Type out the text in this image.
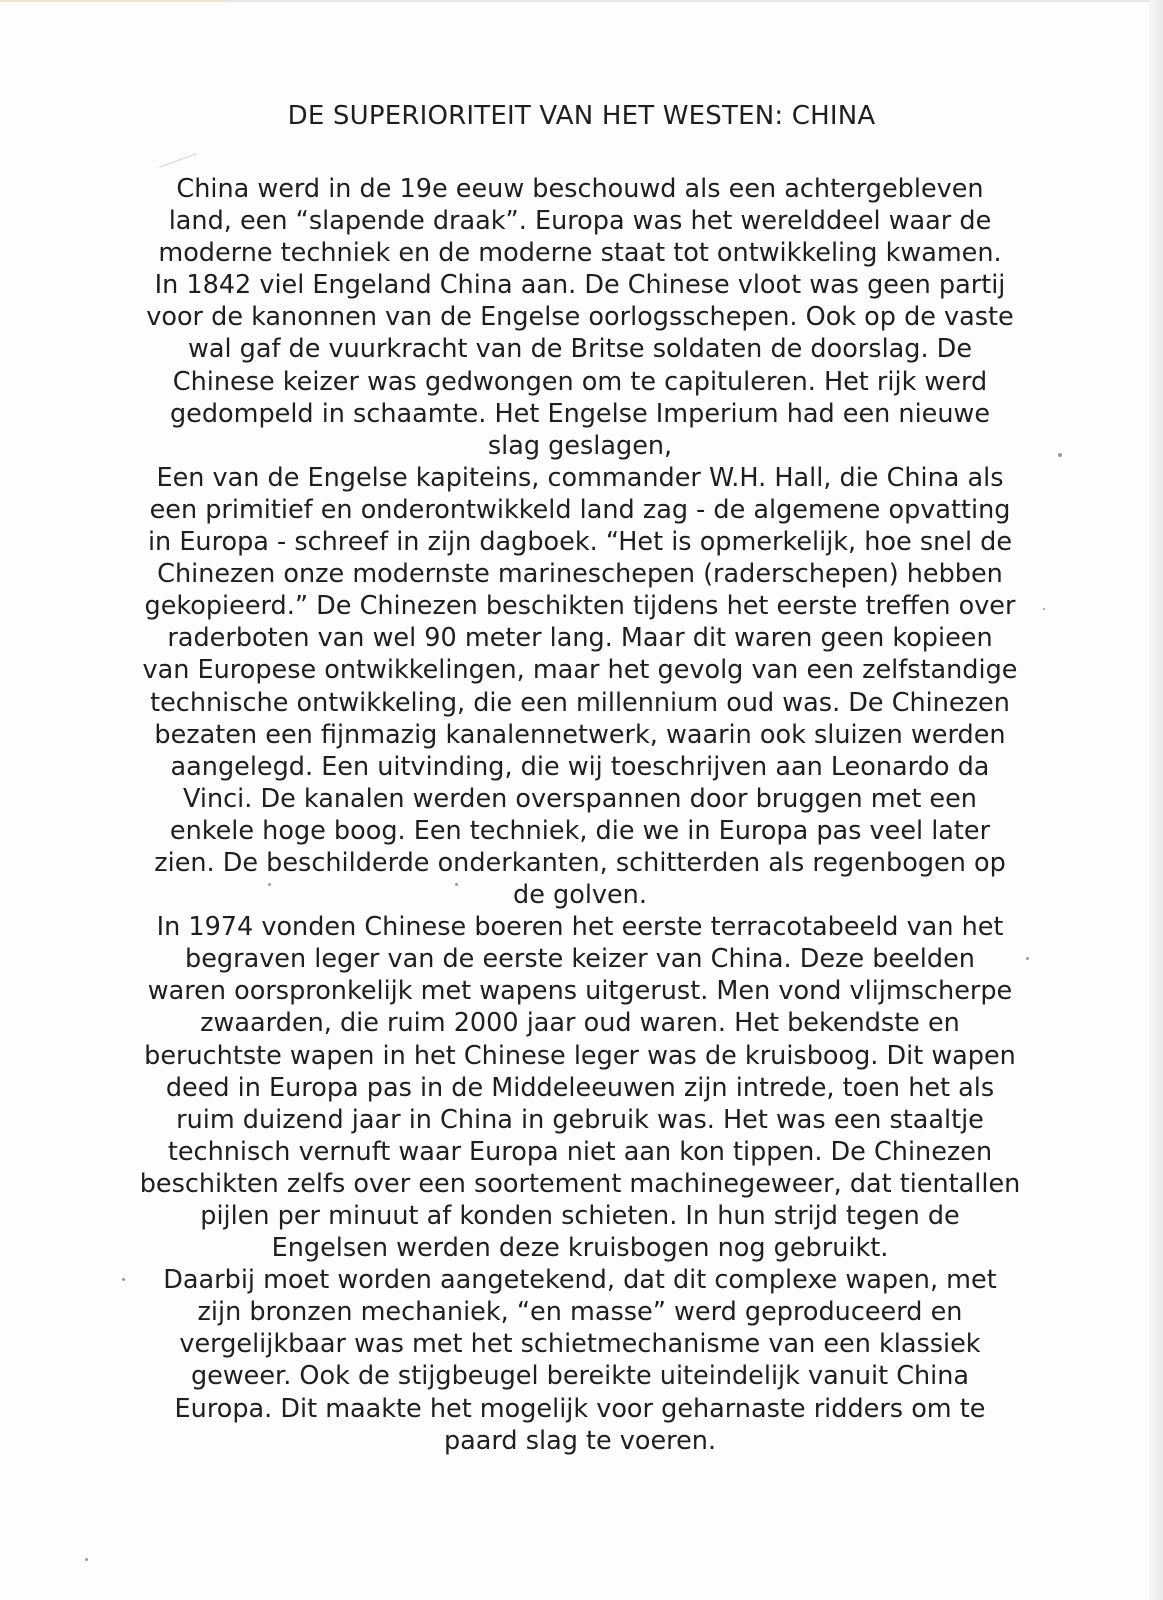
DE SUPERIORITEIT VAN HET WESTEN: CHINA
China werd in de 19e eeuw beschouwd als een achtergebleven
land, een “slapende draak”. Europa was het werelddeel waar de
moderne techniek en de moderne staat tot ontwikkeling kwamen.
In 1842 viel Engeland China aan. De Chinese vloot was geen partij
voor de kanonnen van de Engelse oorlogsschepen. Ook op de vaste
wal gaf de vuurkracht van de Britse soldaten de doorslag. De
Chinese keizer was gedwongen om te capituleren. Het rijk werd
gedompeld in schaamte. Het Engelse Imperium had een nieuwe
slag geslagen,
Een van de Engelse kapiteins, commander W.H. Hall, die China als
een primitief en onderontwikkeld land zag - de algemene opvatting
in Europa - schreef in zijn dagboek. “Het is opmerkelijk, hoe snel de
Chinezen onze modernste marineschepen (raderschepen) hebben
gekopieerd.” De Chinezen beschikten tijdens het eerste treffen over
raderboten van wel 90 meter lang. Maar dit waren geen kopieen
van Europese ontwikkelingen, maar het gevolg van een zelfstandige
technische ontwikkeling, die een millennium oud was. De Chinezen
bezaten een fijnmazig kanalennetwerk, waarin ook sluizen werden
aangelegd. Een uitvinding, die wij toeschrijven aan Leonardo da
Vinci. De kanalen werden overspannen door bruggen met een
enkele hoge boog. Een techniek, die we in Europa pas veel later
zien. De beschilderde onderkanten, schitterden als regenbogen op
de golven.
In 1974 vonden Chinese boeren het eerste terracotabeeld van het
begraven leger van de eerste keizer van China. Deze beelden
waren oorspronkelijk met wapens uitgerust. Men vond vlijmscherpe
zwaarden, die ruim 2000 jaar oud waren. Het bekendste en
beruchtste wapen in het Chinese leger was de kruisboog. Dit wapen
deed in Europa pas in de Middeleeuwen zijn intrede, toen het als
ruim duizend jaar in China in gebruik was. Het was een staaltje
technisch vernuft waar Europa niet aan kon tippen. De Chinezen
beschikten zelfs over een soortement machinegeweer, dat tientallen
pijlen per minuut af konden schieten. In hun strijd tegen de
Engelsen werden deze kruisbogen nog gebruikt.
Daarbij moet worden aangetekend, dat dit complexe wapen, met
zijn bronzen mechaniek, “en masse” werd geproduceerd en
vergelijkbaar was met het schietmechanisme van een klassiek
geweer. Ook de stijgbeugel bereikte uiteindelijk vanuit China
Europa. Dit maakte het mogelijk voor geharnaste ridders om te
paard slag te voeren.
